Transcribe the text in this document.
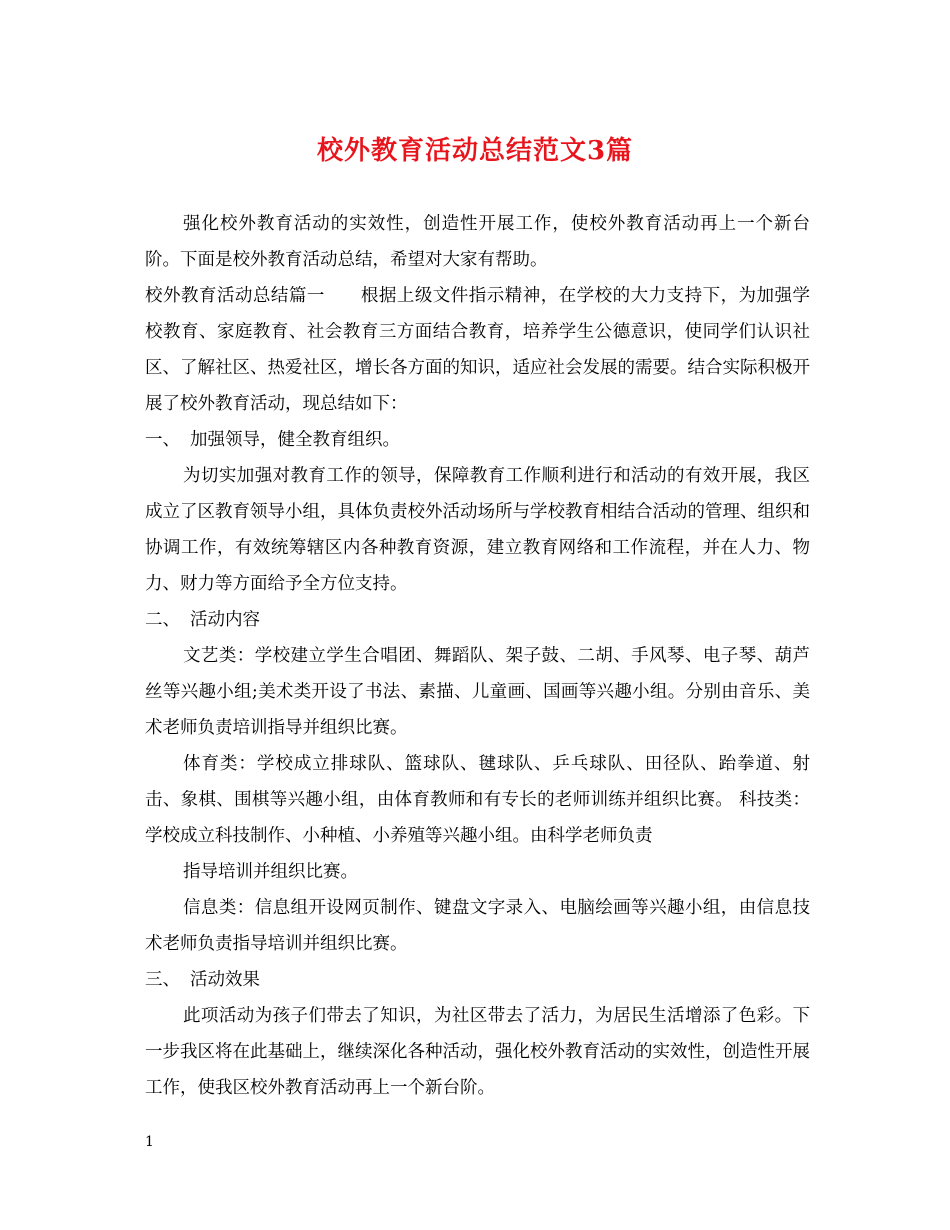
校外教育活动总结范文3篇

强化校外教育活动的实效性，创造性开展工作，使校外教育活动再上一个新台阶。下面是校外教育活动总结，希望对大家有帮助。

校外教育活动总结篇一 根据上级文件指示精神，在学校的大力支持下，为加强学校教育、家庭教育、社会教育三方面结合教育，培养学生公德意识，使同学们认识社区、了解社区、热爱社区，增长各方面的知识，适应社会发展的需要。结合实际积极开展了校外教育活动，现总结如下：

一、 加强领导，健全教育组织。

为切实加强对教育工作的领导，保障教育工作顺利进行和活动的有效开展，我区成立了区教育领导小组，具体负责校外活动场所与学校教育相结合活动的管理、组织和协调工作，有效统筹辖区内各种教育资源，建立教育网络和工作流程，并在人力、物力、财力等方面给予全方位支持。

二、 活动内容

文艺类：学校建立学生合唱团、舞蹈队、架子鼓、二胡、手风琴、电子琴、葫芦丝等兴趣小组;美术类开设了书法、素描、儿童画、国画等兴趣小组。分别由音乐、美术老师负责培训指导并组织比赛。

体育类：学校成立排球队、篮球队、毽球队、乒乓球队、田径队、跆拳道、射击、象棋、围棋等兴趣小组，由体育教师和有专长的老师训练并组织比赛。 科技类：学校成立科技制作、小种植、小养殖等兴趣小组。由科学老师负责

指导培训并组织比赛。

信息类：信息组开设网页制作、键盘文字录入、电脑绘画等兴趣小组，由信息技术老师负责指导培训并组织比赛。

三、 活动效果

此项活动为孩子们带去了知识，为社区带去了活力，为居民生活增添了色彩。下一步我区将在此基础上，继续深化各种活动，强化校外教育活动的实效性，创造性开展工作，使我区校外教育活动再上一个新台阶。

1
